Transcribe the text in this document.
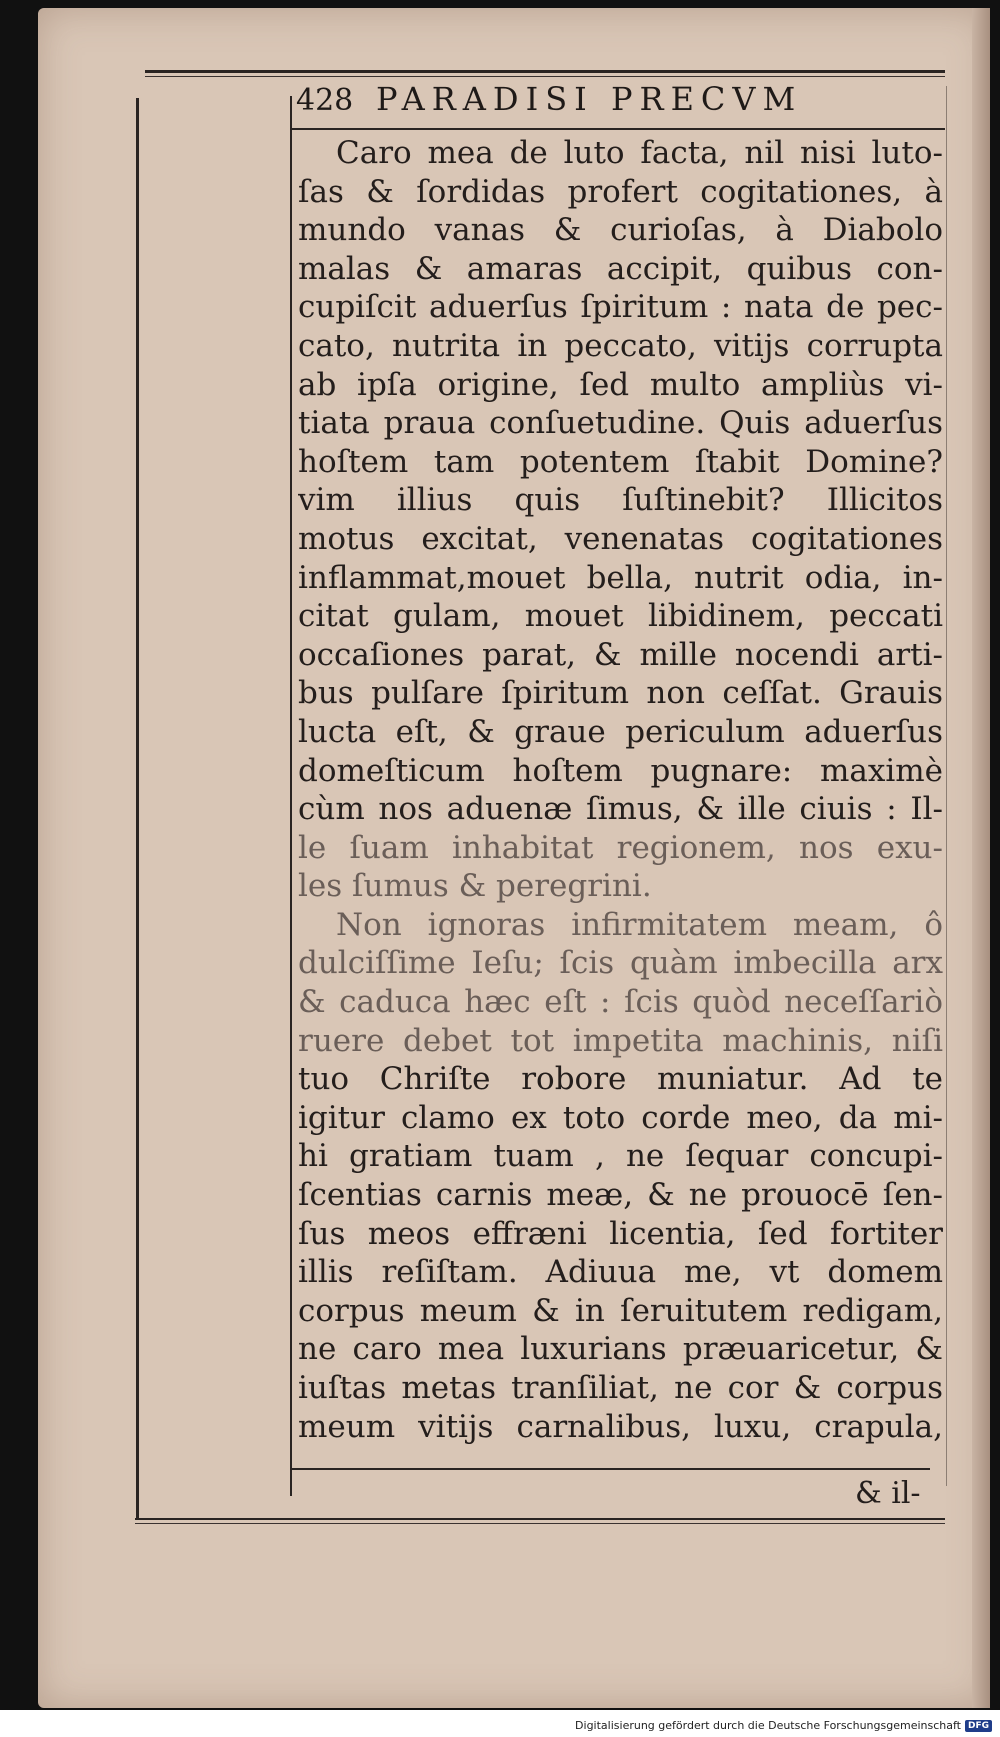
428 PARADISI PRECVM
Caro mea de luto facta, nil nisi luto-
ſas & ſordidas profert cogitationes, à
mundo vanas & curioſas, à Diabolo
malas & amaras accipit, quibus con-
cupiſcit aduerſus ſpiritum : nata de pec-
cato, nutrita in peccato, vitijs corrupta
ab ipſa origine, ſed multo ampliùs vi-
tiata praua conſuetudine. Quis aduerſus
hoſtem tam potentem ſtabit Domine?
vim illius quis ſuſtinebit? Illicitos
motus excitat, venenatas cogitationes
inflammat,mouet bella, nutrit odia, in-
citat gulam, mouet libidinem, peccati
occaſiones parat, & mille nocendi arti-
bus pulſare ſpiritum non ceſſat. Grauis
lucta eſt, & graue periculum aduerſus
domeſticum hoſtem pugnare: maximè
cùm nos aduenæ ſimus, & ille ciuis : Il-
le ſuam inhabitat regionem, nos exu-
les ſumus & peregrini.
Non ignoras infirmitatem meam, ô
dulciſſime Ieſu; ſcis quàm imbecilla arx
& caduca hæc eſt : ſcis quòd neceſſariò
ruere debet tot impetita machinis, niſi
tuo Chriſte robore muniatur. Ad te
igitur clamo ex toto corde meo, da mi-
hi gratiam tuam , ne ſequar concupi-
ſcentias carnis meæ, & ne prouocē ſen-
ſus meos effræni licentia, ſed fortiter
illis reſiſtam. Adiuua me, vt domem
corpus meum & in ſeruitutem redigam,
ne caro mea luxurians præuaricetur, &
iuſtas metas tranſiliat, ne cor & corpus
meum vitijs carnalibus, luxu, crapula,
& il-
Digitalisierung gefördert durch die Deutsche Forschungsgemeinschaft DFG
